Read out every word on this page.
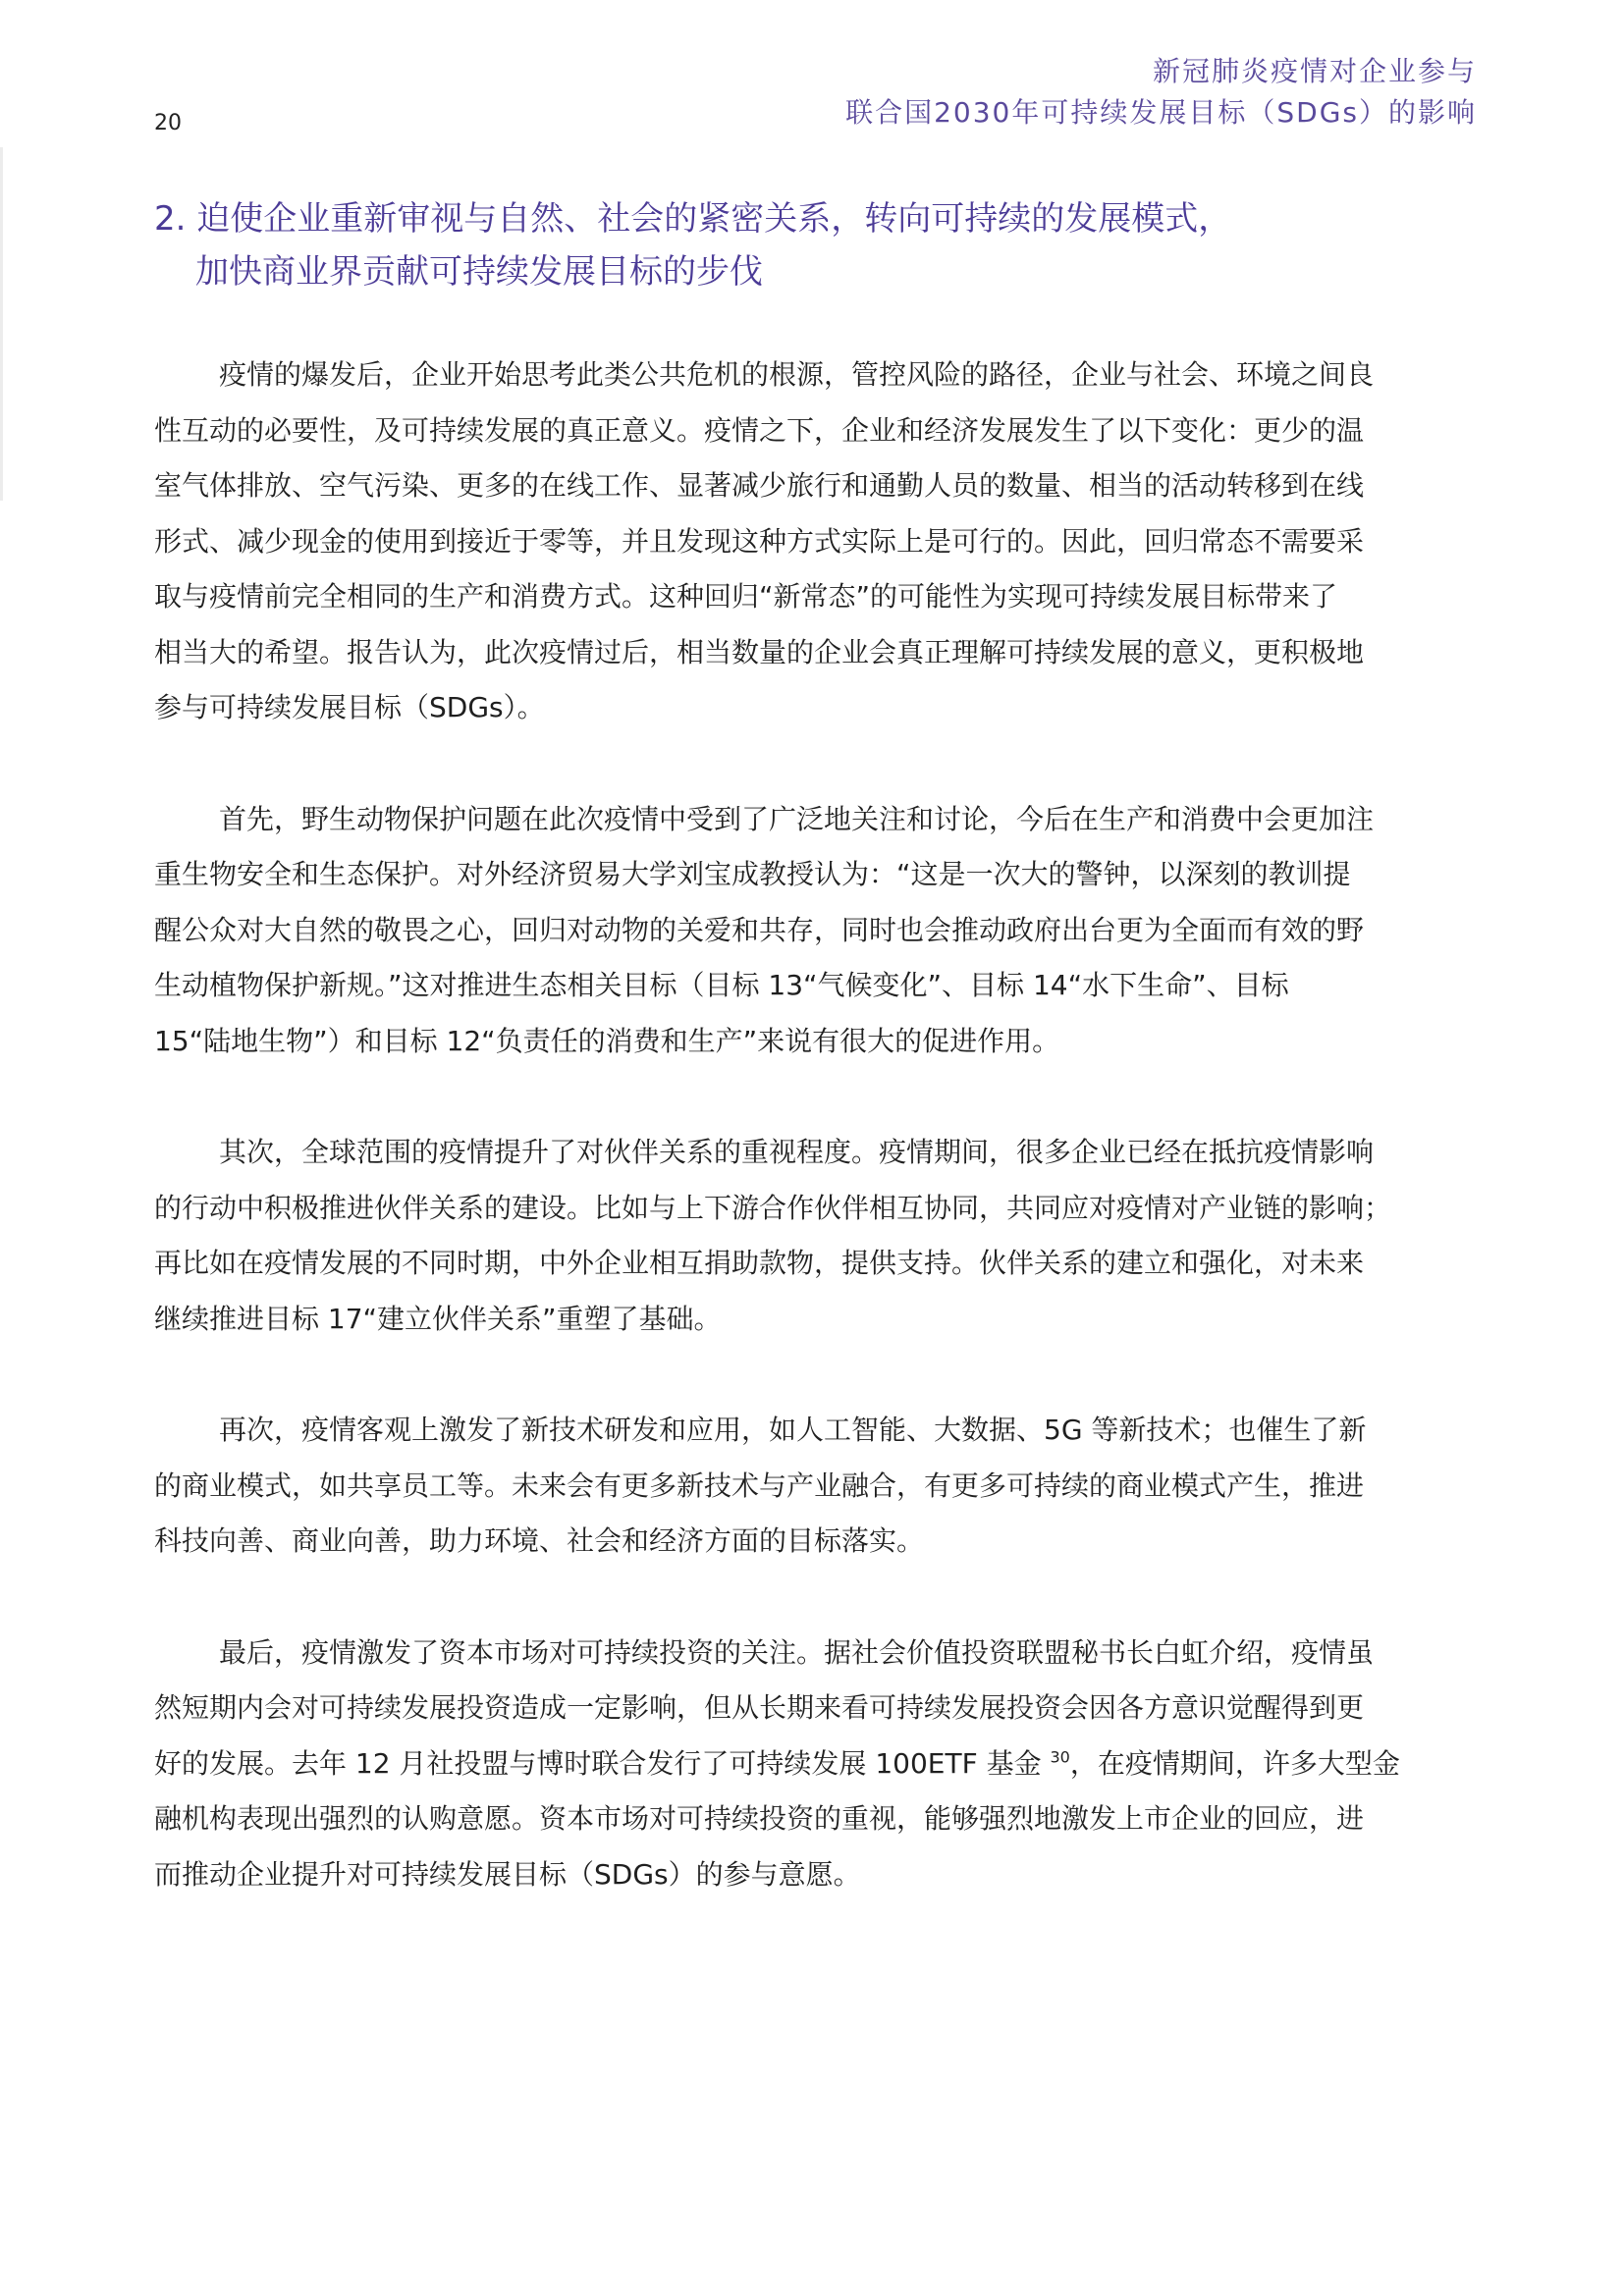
20
新冠肺炎疫情对企业参与
联合国2030年可持续发展目标（SDGs）的影响
2. 迫使企业重新审视与自然、社会的紧密关系，转向可持续的发展模式，
加快商业界贡献可持续发展目标的步伐

疫情的爆发后，企业开始思考此类公共危机的根源，管控风险的路径，企业与社会、环境之间良
性互动的必要性，及可持续发展的真正意义。疫情之下，企业和经济发展发生了以下变化：更少的温
室气体排放、空气污染、更多的在线工作、显著减少旅行和通勤人员的数量、相当的活动转移到在线
形式、减少现金的使用到接近于零等，并且发现这种方式实际上是可行的。因此，回归常态不需要采
取与疫情前完全相同的生产和消费方式。这种回归“新常态”的可能性为实现可持续发展目标带来了
相当大的希望。报告认为，此次疫情过后，相当数量的企业会真正理解可持续发展的意义，更积极地
参与可持续发展目标（SDGs）。

首先，野生动物保护问题在此次疫情中受到了广泛地关注和讨论，今后在生产和消费中会更加注
重生物安全和生态保护。对外经济贸易大学刘宝成教授认为：“这是一次大的警钟，以深刻的教训提
醒公众对大自然的敬畏之心，回归对动物的关爱和共存，同时也会推动政府出台更为全面而有效的野
生动植物保护新规。”这对推进生态相关目标（目标 13“气候变化”、目标 14“水下生命”、目标
15“陆地生物”）和目标 12“负责任的消费和生产”来说有很大的促进作用。

其次，全球范围的疫情提升了对伙伴关系的重视程度。疫情期间，很多企业已经在抵抗疫情影响
的行动中积极推进伙伴关系的建设。比如与上下游合作伙伴相互协同，共同应对疫情对产业链的影响；
再比如在疫情发展的不同时期，中外企业相互捐助款物，提供支持。伙伴关系的建立和强化，对未来
继续推进目标 17“建立伙伴关系”重塑了基础。

再次，疫情客观上激发了新技术研发和应用，如人工智能、大数据、5G 等新技术；也催生了新
的商业模式，如共享员工等。未来会有更多新技术与产业融合，有更多可持续的商业模式产生，推进
科技向善、商业向善，助力环境、社会和经济方面的目标落实。

最后，疫情激发了资本市场对可持续投资的关注。据社会价值投资联盟秘书长白虹介绍，疫情虽
然短期内会对可持续发展投资造成一定影响，但从长期来看可持续发展投资会因各方意识觉醒得到更
好的发展。去年 12 月社投盟与博时联合发行了可持续发展 100ETF 基金 $^{30}$，在疫情期间，许多大型金
融机构表现出强烈的认购意愿。资本市场对可持续投资的重视，能够强烈地激发上市企业的回应，进
而推动企业提升对可持续发展目标（SDGs）的参与意愿。
